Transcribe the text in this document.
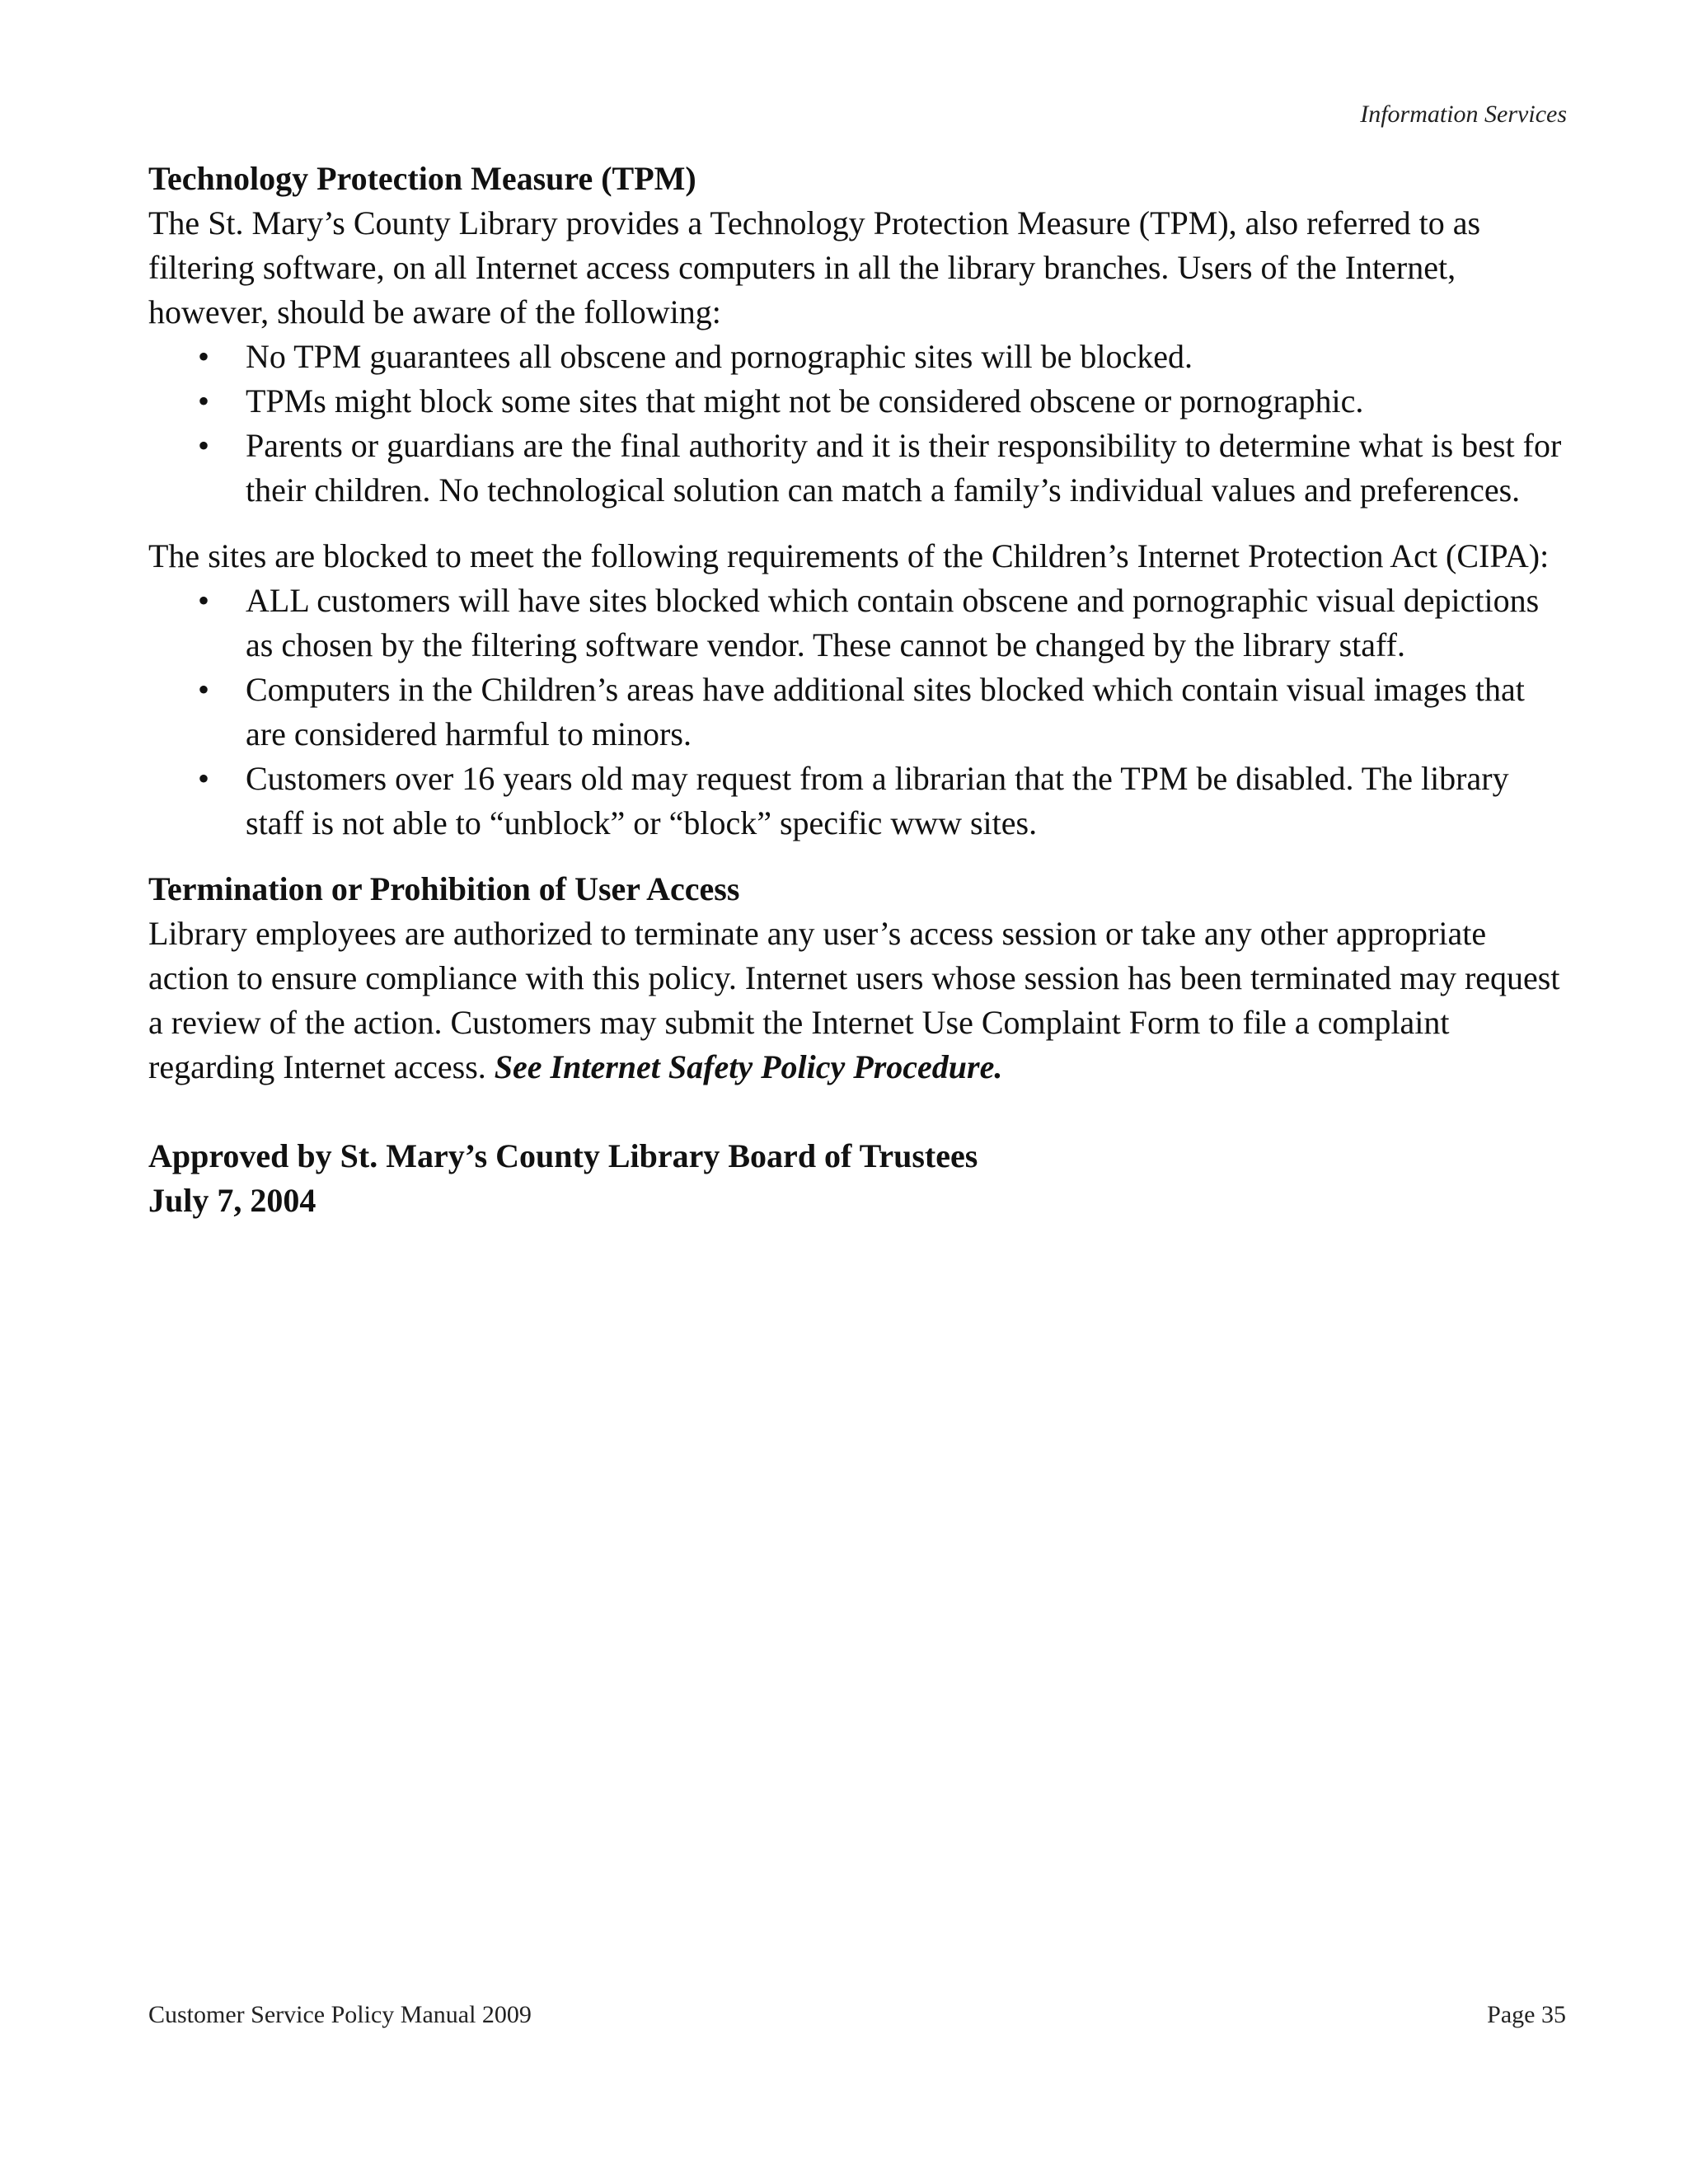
Information Services
Technology Protection Measure (TPM)

The St. Mary’s County Library provides a Technology Protection Measure (TPM), also referred to as filtering software, on all Internet access computers in all the library branches. Users of the Internet, however, should be aware of the following:

• No TPM guarantees all obscene and pornographic sites will be blocked.
• TPMs might block some sites that might not be considered obscene or pornographic.
• Parents or guardians are the final authority and it is their responsibility to determine what is best for their children. No technological solution can match a family’s individual values and preferences.

The sites are blocked to meet the following requirements of the Children’s Internet Protection Act (CIPA):

• ALL customers will have sites blocked which contain obscene and pornographic visual depictions as chosen by the filtering software vendor. These cannot be changed by the library staff.
• Computers in the Children’s areas have additional sites blocked which contain visual images that are considered harmful to minors.
• Customers over 16 years old may request from a librarian that the TPM be disabled. The library staff is not able to “unblock” or “block” specific www sites.
Termination or Prohibition of User Access

Library employees are authorized to terminate any user’s access session or take any other appropriate action to ensure compliance with this policy. Internet users whose session has been terminated may request a review of the action. Customers may submit the Internet Use Complaint Form to file a complaint regarding Internet access. See Internet Safety Policy Procedure.

Approved by St. Mary’s County Library Board of Trustees
July 7, 2004
Customer Service Policy Manual 2009	Page 35
